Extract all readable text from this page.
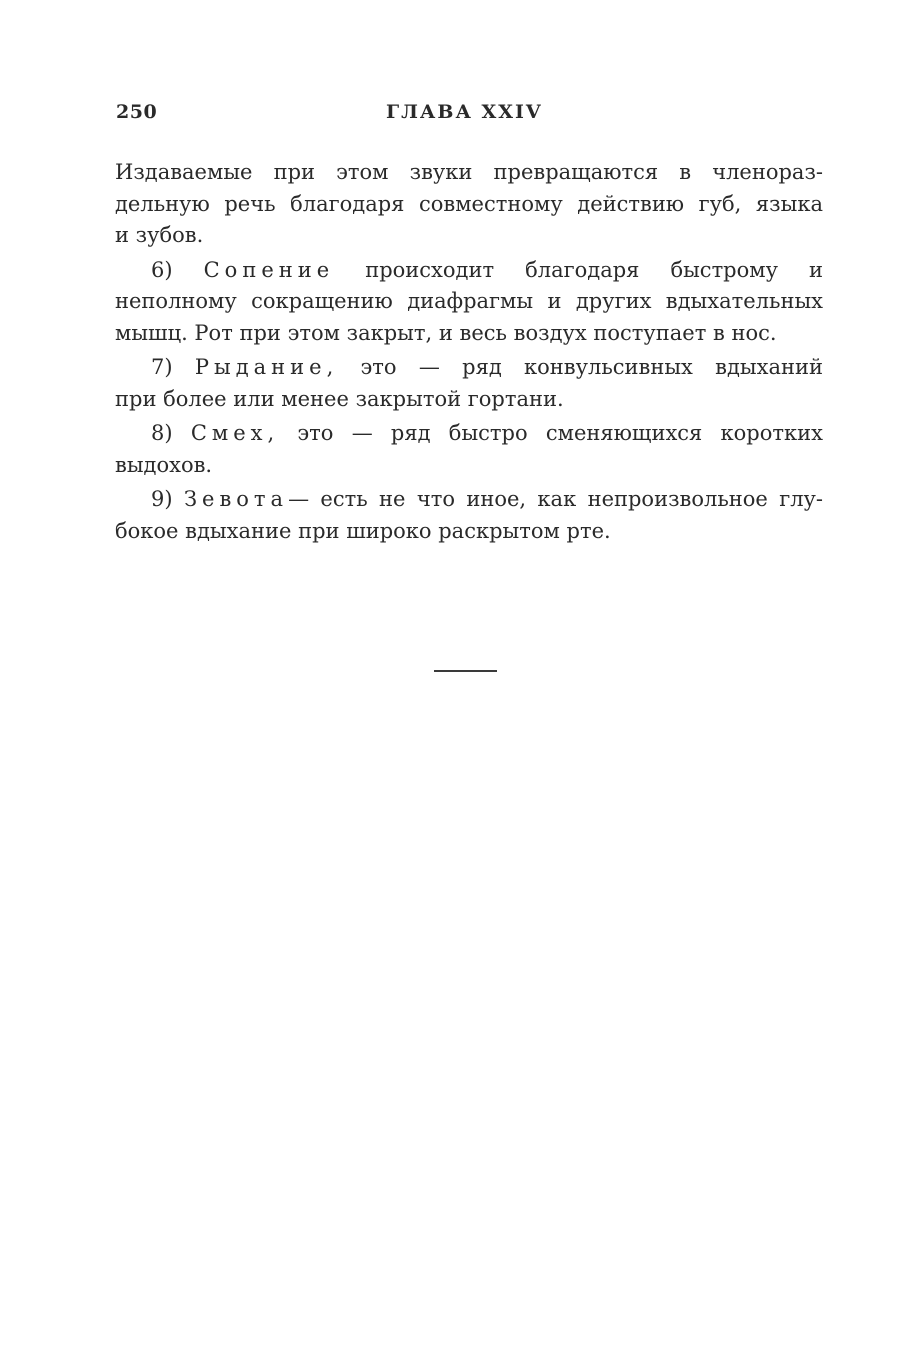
250	ГЛАВА XXIV
Издаваемые при этом звуки превращаются в членораз-
дельную речь благодаря совместному действию губ, языка
и зубов.
6) Сопение происходит благодаря быстрому и
неполному сокращению диафрагмы и других вдыхательных
мышц. Рот при этом закрыт, и весь воздух поступает в нос.
7) Рыдание, это — ряд конвульсивных вдыханий
при более или менее закрытой гортани.
8) Смех, это — ряд быстро сменяющихся коротких
выдохов.
9) Зевота— есть не что иное, как непроизвольное глу-
бокое вдыхание при широко раскрытом рте.
